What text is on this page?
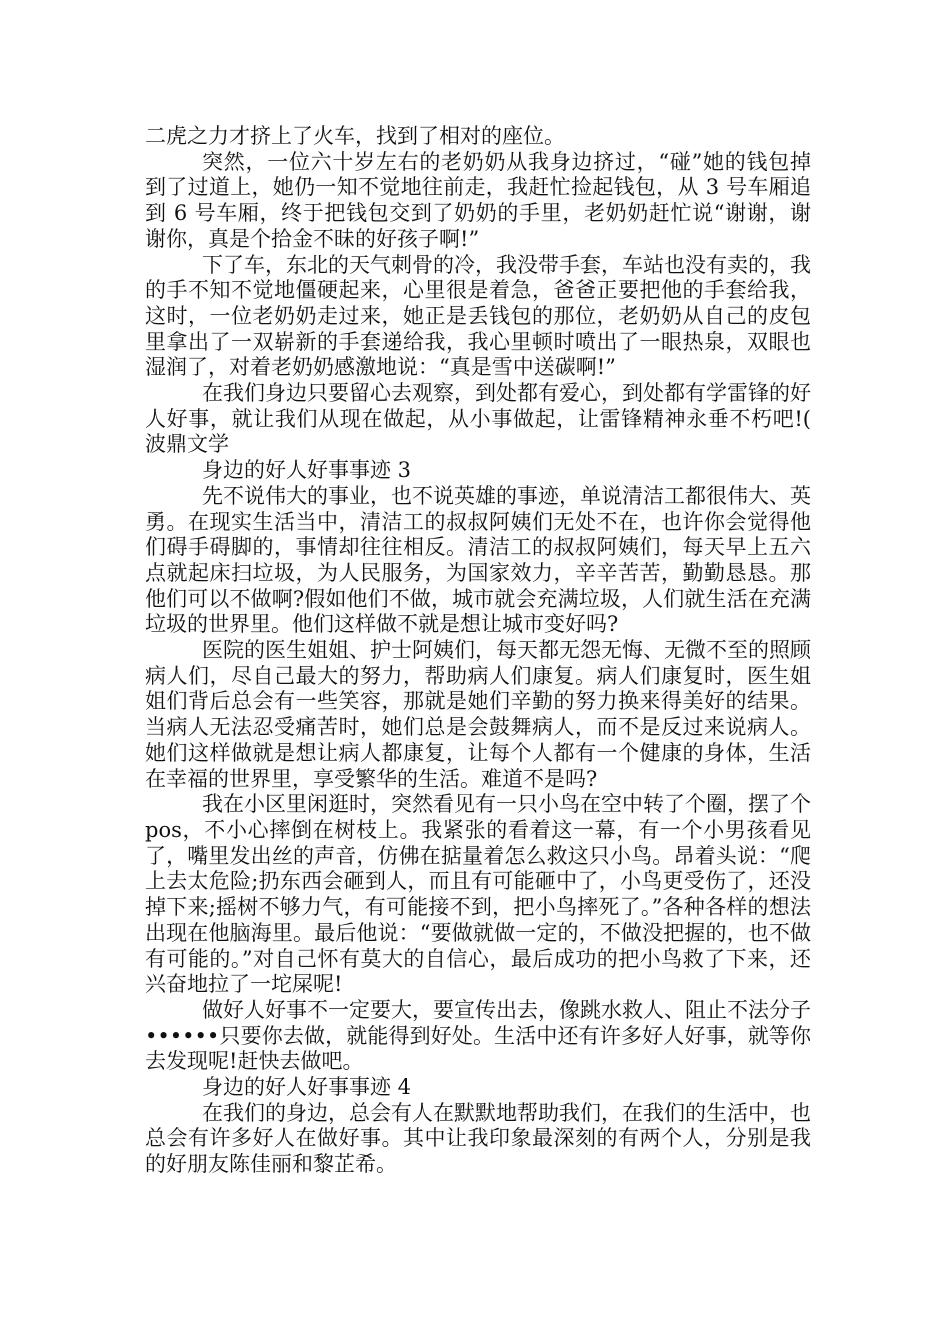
二虎之力才挤上了火车，找到了相对的座位。

突然，一位六十岁左右的老奶奶从我身边挤过，“碰”她的钱包掉到了过道上，她仍一知不觉地往前走，我赶忙捡起钱包，从 3 号车厢追到 6 号车厢，终于把钱包交到了奶奶的手里，老奶奶赶忙说“谢谢，谢谢你，真是个拾金不昧的好孩子啊!”

下了车，东北的天气刺骨的冷，我没带手套，车站也没有卖的，我的手不知不觉地僵硬起来，心里很是着急，爸爸正要把他的手套给我，这时，一位老奶奶走过来，她正是丢钱包的那位，老奶奶从自己的皮包里拿出了一双崭新的手套递给我，我心里顿时喷出了一眼热泉，双眼也湿润了，对着老奶奶感激地说：“真是雪中送碳啊!”

在我们身边只要留心去观察，到处都有爱心，到处都有学雷锋的好人好事，就让我们从现在做起，从小事做起，让雷锋精神永垂不朽吧!( 波鼎文学

身边的好人好事事迹 3

先不说伟大的事业，也不说英雄的事迹，单说清洁工都很伟大、英勇。在现实生活当中，清洁工的叔叔阿姨们无处不在，也许你会觉得他们碍手碍脚的，事情却往往相反。清洁工的叔叔阿姨们，每天早上五六点就起床扫垃圾，为人民服务，为国家效力，辛辛苦苦，勤勤恳恳。那他们可以不做啊?假如他们不做，城市就会充满垃圾，人们就生活在充满垃圾的世界里。他们这样做不就是想让城市变好吗?

医院的医生姐姐、护士阿姨们，每天都无怨无悔、无微不至的照顾病人们，尽自己最大的努力，帮助病人们康复。病人们康复时，医生姐姐们背后总会有一些笑容，那就是她们辛勤的努力换来得美好的结果。当病人无法忍受痛苦时，她们总是会鼓舞病人，而不是反过来说病人。她们这样做就是想让病人都康复，让每个人都有一个健康的身体，生活在幸福的世界里，享受繁华的生活。难道不是吗?

我在小区里闲逛时，突然看见有一只小鸟在空中转了个圈，摆了个 pos，不小心摔倒在树枝上。我紧张的看着这一幕，有一个小男孩看见了，嘴里发出丝的声音，仿佛在掂量着怎么救这只小鸟。昂着头说：“爬上去太危险;扔东西会砸到人，而且有可能砸中了，小鸟更受伤了，还没掉下来;摇树不够力气，有可能接不到，把小鸟摔死了。”各种各样的想法出现在他脑海里。最后他说：“要做就做一定的，不做没把握的，也不做有可能的。”对自己怀有莫大的自信心，最后成功的把小鸟救了下来，还兴奋地拉了一坨屎呢!

做好人好事不一定要大，要宣传出去，像跳水救人、阻止不法分子••••••只要你去做，就能得到好处。生活中还有许多好人好事，就等你去发现呢!赶快去做吧。

身边的好人好事事迹 4

在我们的身边，总会有人在默默地帮助我们，在我们的生活中，也总会有许多好人在做好事。其中让我印象最深刻的有两个人，分别是我的好朋友陈佳丽和黎芷希。
